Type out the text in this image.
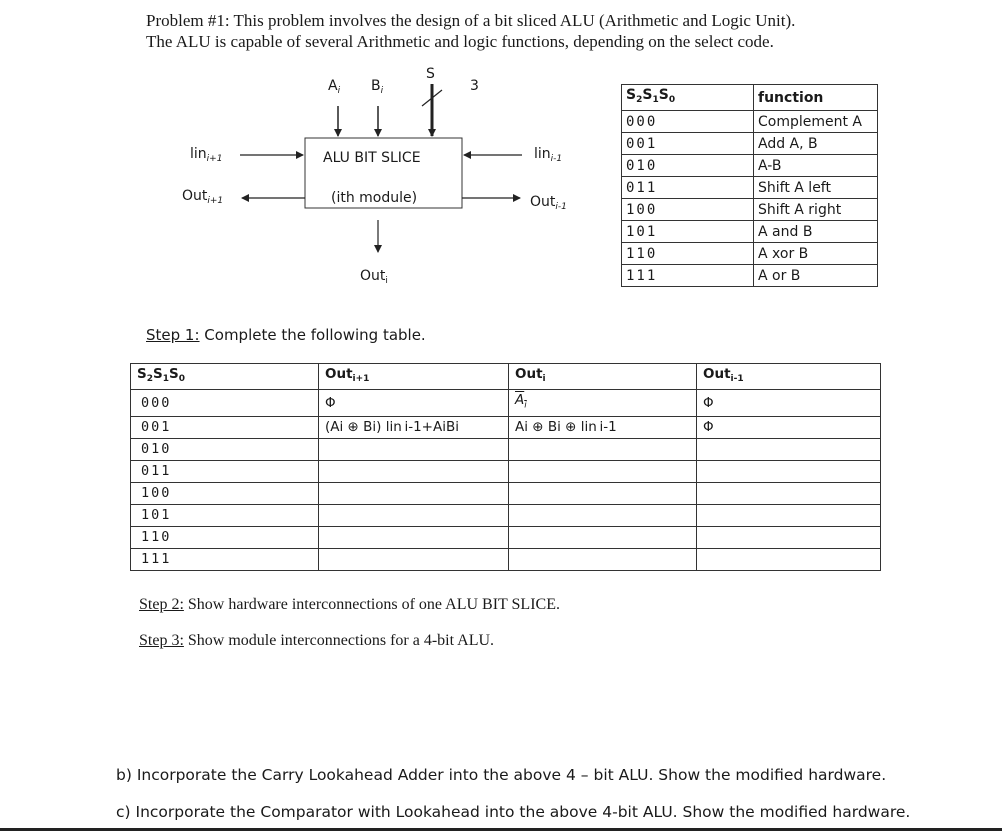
Problem #1: This problem involves the design of a bit sliced ALU (Arithmetic and Logic Unit).
The ALU is capable of several Arithmetic and logic functions, depending on the select code.
$A_i$ $B_i$
S
3
ALU BIT SLICE
(ith module)
lin$_{i+1}$
Out$_{i+1}$
lin$_{i-1}$
Out$_{i-1}$
Out$_i$
$S_2S_1S_0$	function
000	Complement A
001	Add A, B
010	A-B
011	Shift A left
100	Shift A right
101	A and B
110	A xor B
111	A or B
Step 1: Complete the following table.
$S_2S_1S_0$	Out$_{i+1}$	Out$_i$	Out$_{i-1}$
000	Φ	$\overline{A}_{\overline{i}}$	Φ
001	(Ai ⊕ Bi) lin i-1+AiBi	Ai ⊕ Bi ⊕ lin i-1	Φ
010			
011			
100			
101			
110			
111			
Step 2: Show hardware interconnections of one ALU BIT SLICE.
Step 3: Show module interconnections for a 4-bit ALU.
b) Incorporate the Carry Lookahead Adder into the above 4 – bit ALU. Show the modified hardware.
c) Incorporate the Comparator with Lookahead into the above 4-bit ALU. Show the modified hardware.
